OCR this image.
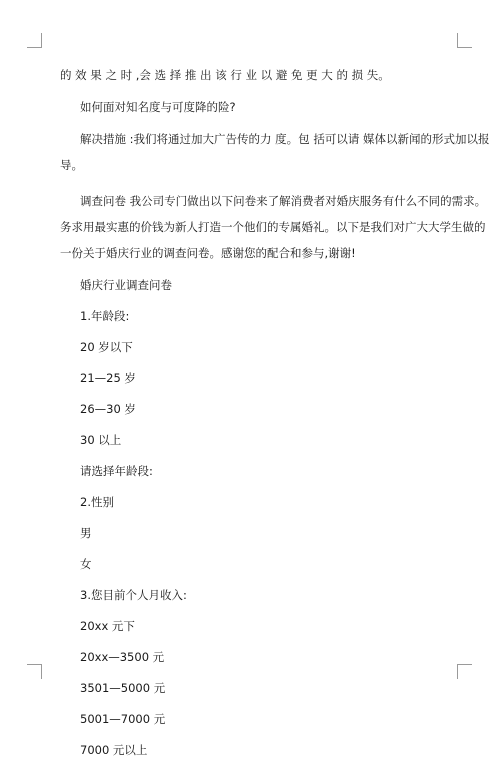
的 效 果 之 时 ,会 选 择 推 出 该 行 业 以 避 免 更 大 的 损 失。

如何面对知名度与可度降的险?

解决措施 :我们将通过加大广告传的力 度。包 括可以请 媒体以新闻的形式加以报

导。

调查问卷 我公司专门做出以下问卷来了解消费者对婚庆服务有什么不同的需求。

务求用最实惠的价钱为新人打造一个他们的专属婚礼。以下是我们对广大大学生做的

一份关于婚庆行业的调查问卷。感谢您的配合和参与,谢谢!

婚庆行业调查问卷

1.年龄段:

20 岁以下

21—25 岁

26—30 岁

30 以上

请选择年龄段:

2.性别

男

女

3.您目前个人月收入:

20xx 元下

20xx—3500 元

3501—5000 元

5001—7000 元

7000 元以上
